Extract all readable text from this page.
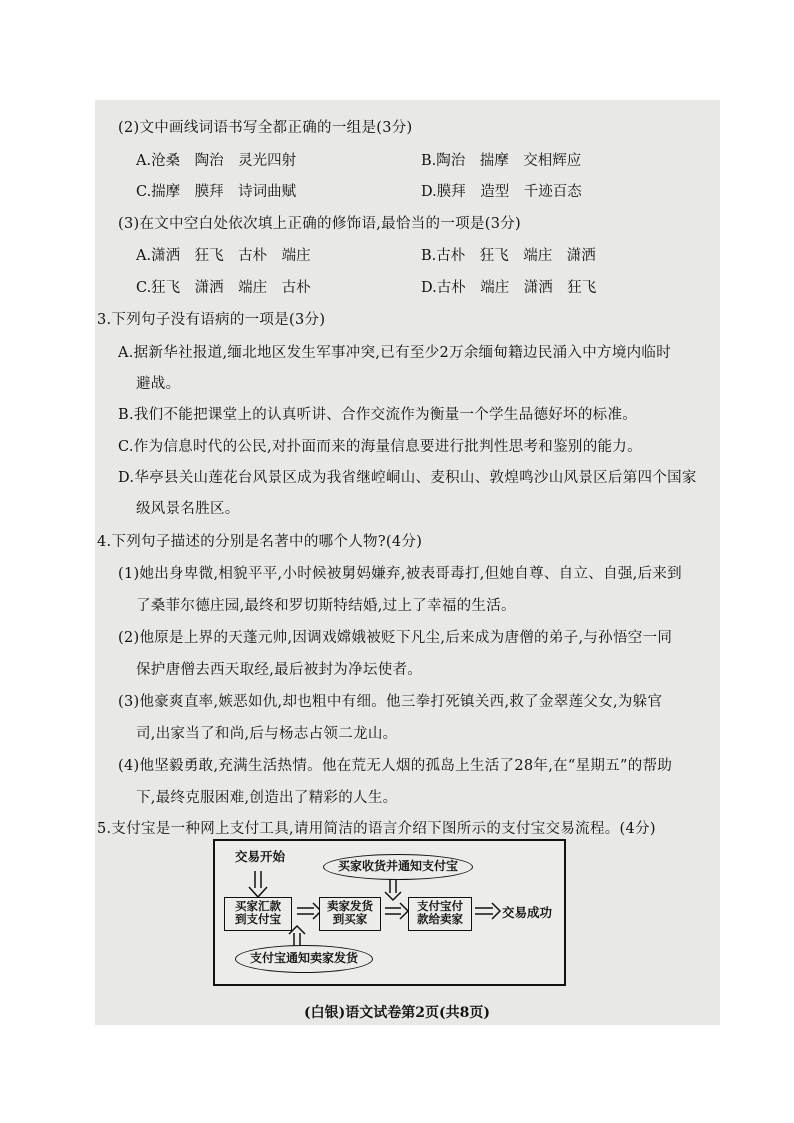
(2)文中画线词语书写全都正确的一组是(3分)
A.沧桑　陶治　灵光四射	B.陶治　揣摩　交相辉应
C.揣摩　膜拜　诗词曲赋	D.膜拜　造型　千迹百态
(3)在文中空白处依次填上正确的修饰语,最恰当的一项是(3分)
A.潇洒　狂飞　古朴　端庄	B.古朴　狂飞　端庄　潇洒
C.狂飞　潇洒　端庄　古朴	D.古朴　端庄　潇洒　狂飞
3.下列句子没有语病的一项是(3分)
A.据新华社报道,缅北地区发生军事冲突,已有至少2万余缅甸籍边民涌入中方境内临时
避战。
B.我们不能把课堂上的认真听讲、合作交流作为衡量一个学生品德好坏的标准。
C.作为信息时代的公民,对扑面而来的海量信息要进行批判性思考和鉴别的能力。
D.华亭县关山莲花台风景区成为我省继崆峒山、麦积山、敦煌鸣沙山风景区后第四个国家
级风景名胜区。
4.下列句子描述的分别是名著中的哪个人物?(4分)
(1)她出身卑微,相貌平平,小时候被舅妈嫌弃,被表哥毒打,但她自尊、自立、自强,后来到
了桑菲尔德庄园,最终和罗切斯特结婚,过上了幸福的生活。
(2)他原是上界的天蓬元帅,因调戏嫦娥被贬下凡尘,后来成为唐僧的弟子,与孙悟空一同
保护唐僧去西天取经,最后被封为净坛使者。
(3)他豪爽直率,嫉恶如仇,却也粗中有细。他三拳打死镇关西,救了金翠莲父女,为躲官
司,出家当了和尚,后与杨志占领二龙山。
(4)他坚毅勇敢,充满生活热情。他在荒无人烟的孤岛上生活了28年,在“星期五”的帮助
下,最终克服困难,创造出了精彩的人生。
5.支付宝是一种网上支付工具,请用简洁的语言介绍下图所示的支付宝交易流程。(4分)
交易开始
买家收货并通知支付宝
买家汇款
到支付宝
卖家发货
到买家
支付宝付
款给卖家	交易成功
支付宝通知卖家发货
(白银)语文试卷第2页(共8页)
